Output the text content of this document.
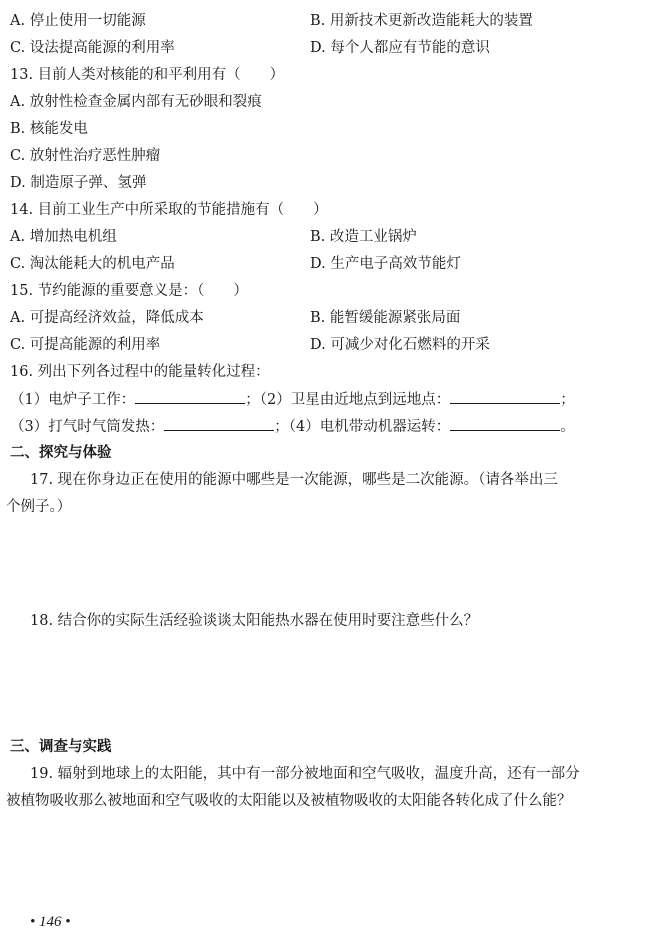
A. 停止使用一切能源	B. 用新技术更新改造能耗大的装置
C. 设法提高能源的利用率	D. 每个人都应有节能的意识
13. 目前人类对核能的和平利用有（　　）
A. 放射性检查金属内部有无砂眼和裂痕
B. 核能发电
C. 放射性治疗恶性肿瘤
D. 制造原子弹、氢弹
14. 目前工业生产中所采取的节能措施有（　　）
A. 增加热电机组	B. 改造工业锅炉
C. 淘汰能耗大的机电产品	D. 生产电子高效节能灯
15. 节约能源的重要意义是：（　　）
A. 可提高经济效益，降低成本	B. 能暂缓能源紧张局面
C. 可提高能源的利用率	D. 可减少对化石燃料的开采
16. 列出下列各过程中的能量转化过程：
（1）电炉子工作：	；（2）卫星由近地点到远地点：	；
（3）打气时气筒发热：	；（4）电机带动机器运转：	。
二、探究与体验
17. 现在你身边正在使用的能源中哪些是一次能源，哪些是二次能源。（请各举出三
个例子。）
18. 结合你的实际生活经验谈谈太阳能热水器在使用时要注意些什么？
三、调查与实践
19. 辐射到地球上的太阳能，其中有一部分被地面和空气吸收，温度升高，还有一部分
被植物吸收那么被地面和空气吸收的太阳能以及被植物吸收的太阳能各转化成了什么能？
• 146 •
